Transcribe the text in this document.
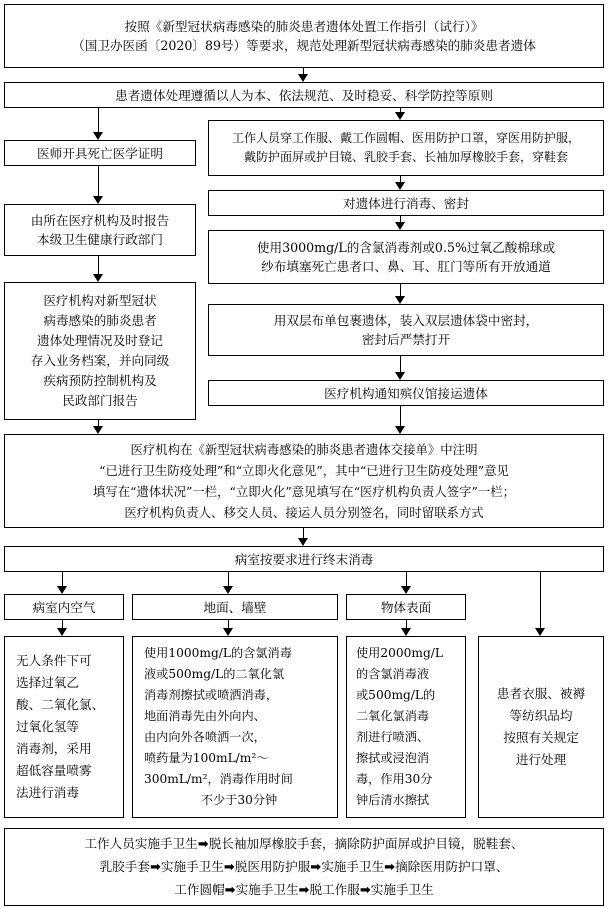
按照《新型冠状病毒感染的肺炎患者遗体处置工作指引（试行）》
（国卫办医函〔2020〕89号）等要求，规范处理新型冠状病毒感染的肺炎患者遗体
患者遗体处理遵循以人为本、依法规范、及时稳妥、科学防控等原则
工作人员穿工作服、戴工作圆帽、医用防护口罩，穿医用防护服，
戴防护面屏或护目镜、乳胶手套、长袖加厚橡胶手套，穿鞋套
医师开具死亡医学证明
对遗体进行消毒、密封
由所在医疗机构及时报告
本级卫生健康行政部门
使用3000mg/L的含氯消毒剂或0.5%过氧乙酸棉球或
纱布填塞死亡患者口、鼻、耳、肛门等所有开放通道
医疗机构对新型冠状
病毒感染的肺炎患者
遗体处理情况及时登记
存入业务档案，并向同级
疾病预防控制机构及
民政部门报告
用双层布单包裹遗体，装入双层遗体袋中密封，
密封后严禁打开
医疗机构通知殡仪馆接运遗体
医疗机构在《新型冠状病毒感染的肺炎患者遗体交接单》中注明
“已进行卫生防疫处理”和“立即火化意见”，其中“已进行卫生防疫处理”意见
填写在“遗体状况”一栏，“立即火化”意见填写在“医疗机构负责人签字”一栏；
医疗机构负责人、移交人员、接运人员分别签名，同时留联系方式
病室按要求进行终末消毒
病室内空气	地面、墙壁	物体表面
无人条件下可
选择过氧乙
酸、二氧化氯、
过氧化氢等
消毒剂，采用
超低容量喷雾
法进行消毒
使用1000mg/L的含氯消毒
液或500mg/L的二氧化氯
消毒剂擦拭或喷洒消毒，
地面消毒先由外向内、
由内向外各喷洒一次，
喷药量为100mL/m²～
300mL/m²，消毒作用时间
不少于30分钟
使用2000mg/L
的含氯消毒液
或500mg/L的
二氧化氯消毒
剂进行喷洒、
擦拭或浸泡消
毒，作用30分
钟后清水擦拭
患者衣服、被褥
等纺织品均
按照有关规定
进行处理
工作人员实施手卫生➡脱长袖加厚橡胶手套，摘除防护面屏或护目镜，脱鞋套、
乳胶手套➡实施手卫生➡脱医用防护服➡实施手卫生➡摘除医用防护口罩、
工作圆帽➡实施手卫生➡脱工作服➡实施手卫生
